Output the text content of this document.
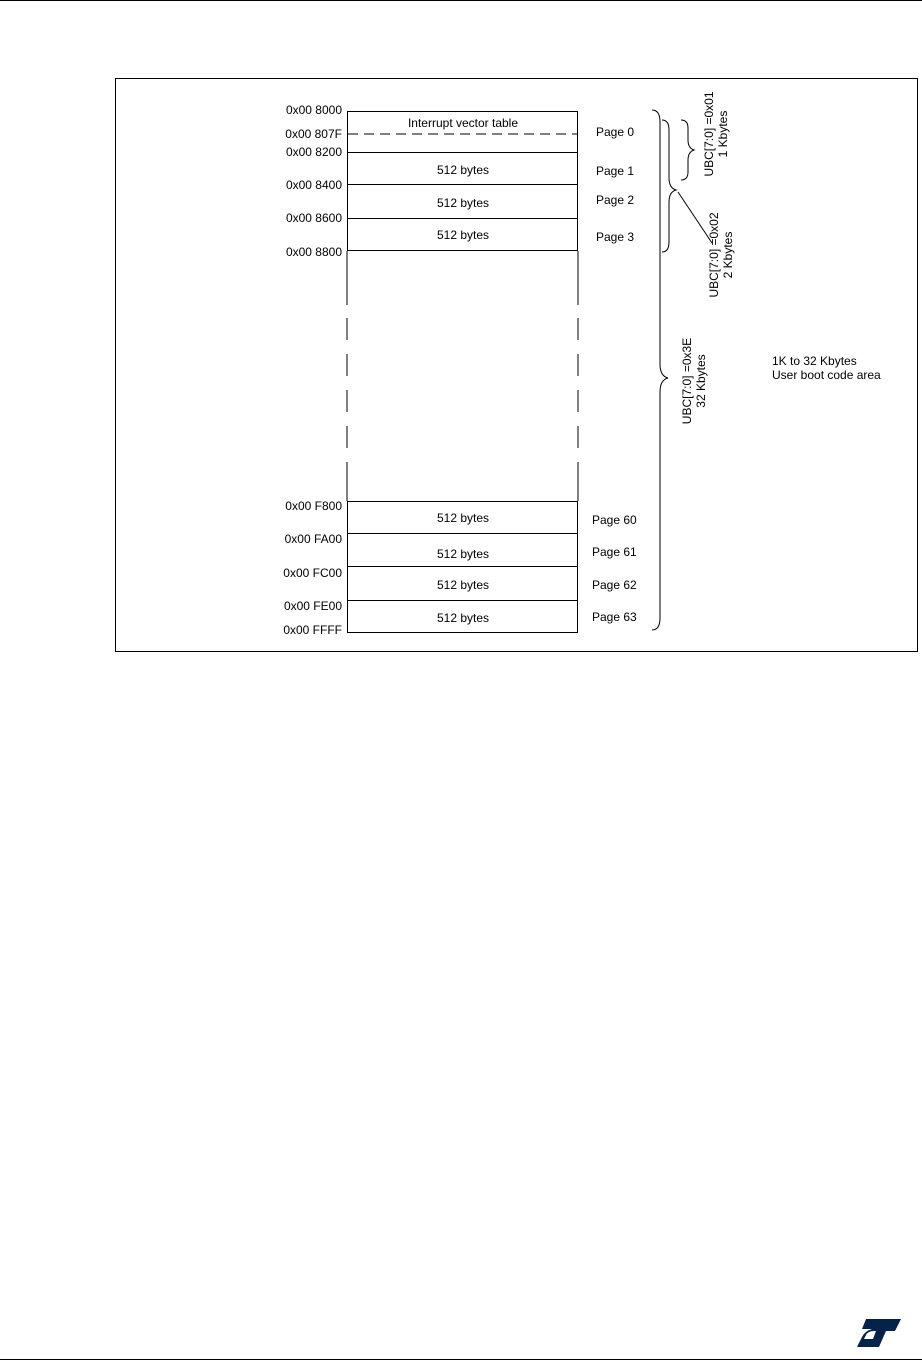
0x00 8000
0x00 807F
0x00 8200
0x00 8400
0x00 8600
0x00 8800
0x00 F800
0x00 FA00
0x00 FC00
0x00 FE00
0x00 FFFF
Interrupt vector table
512 bytes
512 bytes
512 bytes
512 bytes
512 bytes
512 bytes
512 bytes
Page 0
Page 1
Page 2
Page 3
Page 60
Page 61
Page 62
Page 63
UBC[7:0] =0x01 1 Kbytes
UBC[7:0] =0x02 2 Kbytes
UBC[7:0] =0x3E 32 Kbytes	1K to 32 Kbytes
User boot code area
